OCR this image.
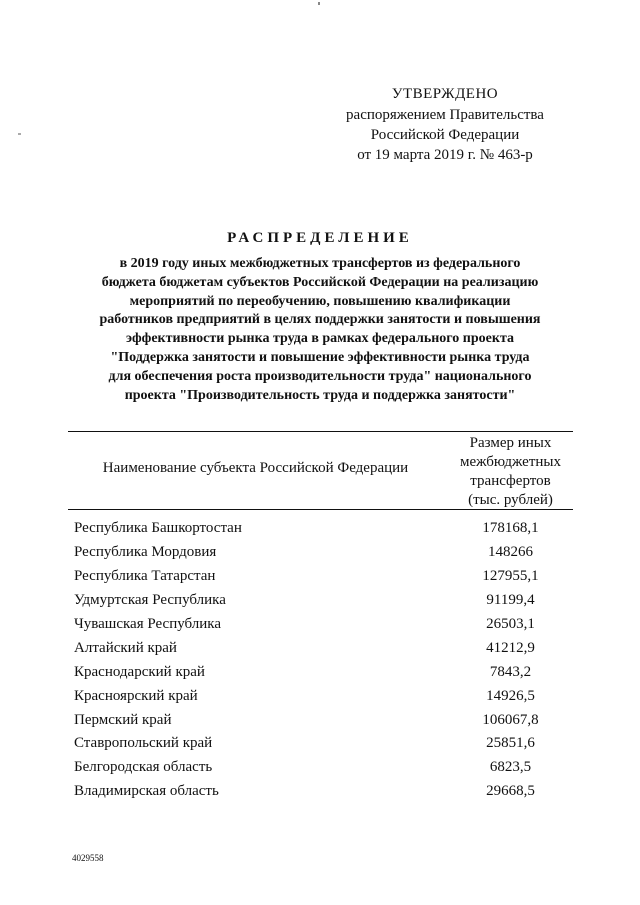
УТВЕРЖДЕНО
распоряжением Правительства
Российской Федерации
от 19 марта 2019 г. № 463-р
РАСПРЕДЕЛЕНИЕ
в 2019 году иных межбюджетных трансфертов из федерального
бюджета бюджетам субъектов Российской Федерации на реализацию
мероприятий по переобучению, повышению квалификации
работников предприятий в целях поддержки занятости и повышения
эффективности рынка труда в рамках федерального проекта
"Поддержка занятости и повышение эффективности рынка труда
для обеспечения роста производительности труда" национального
проекта "Производительность труда и поддержка занятости"
Наименование субъекта Российской Федерации
Размер иных
межбюджетных
трансфертов
(тыс. рублей)
Республика Башкортостан	178168,1
Республика Мордовия	148266
Республика Татарстан	127955,1
Удмуртская Республика	91199,4
Чувашская Республика	26503,1
Алтайский край	41212,9
Краснодарский край	7843,2
Красноярский край	14926,5
Пермский край	106067,8
Ставропольский край	25851,6
Белгородская область	6823,5
Владимирская область	29668,5
4029558
